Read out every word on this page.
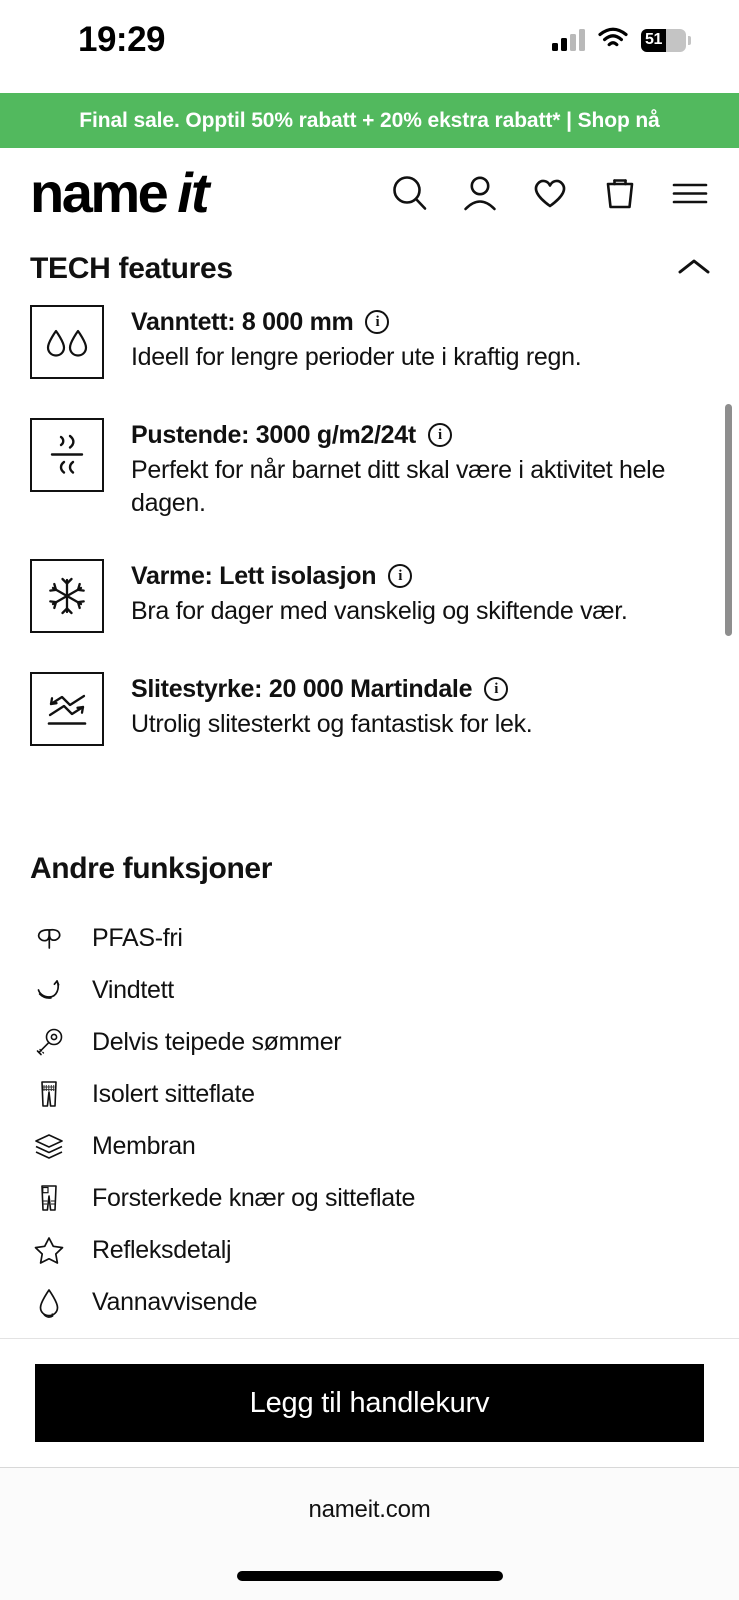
19:29	51
Final sale. Opptil 50% rabatt + 20% ekstra rabatt* | Shop nå
name it
TECH features
Vanntett: 8 000 mm	i
Ideell for lengre perioder ute i kraftig regn.
Pustende: 3000 g/m2/24t	i
Perfekt for når barnet ditt skal være i aktivitet hele dagen.
Varme: Lett isolasjon	i
Bra for dager med vanskelig og skiftende vær.
Slitestyrke: 20 000 Martindale	i
Utrolig slitesterkt og fantastisk for lek.
Andre funksjoner
PFAS-fri
Vindtett
Delvis teipede sømmer
Isolert sitteflate
Membran
Forsterkede knær og sitteflate
Refleksdetalj
Vannavvisende
Legg til handlekurv
nameit.com
